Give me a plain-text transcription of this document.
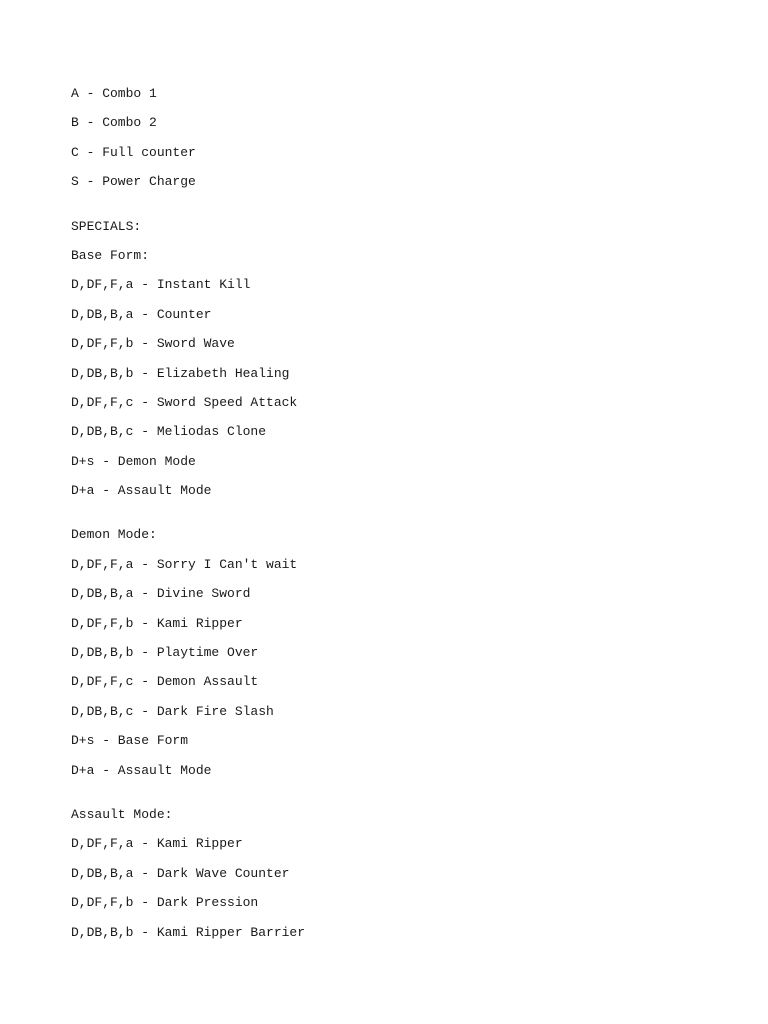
A - Combo 1
B - Combo 2
C - Full counter
S - Power Charge
SPECIALS:
Base Form:
D,DF,F,a - Instant Kill
D,DB,B,a - Counter
D,DF,F,b - Sword Wave
D,DB,B,b - Elizabeth Healing
D,DF,F,c - Sword Speed Attack
D,DB,B,c - Meliodas Clone
D+s - Demon Mode
D+a - Assault Mode
Demon Mode:
D,DF,F,a - Sorry I Can't wait
D,DB,B,a - Divine Sword
D,DF,F,b - Kami Ripper
D,DB,B,b - Playtime Over
D,DF,F,c - Demon Assault
D,DB,B,c - Dark Fire Slash
D+s - Base Form
D+a - Assault Mode
Assault Mode:
D,DF,F,a - Kami Ripper
D,DB,B,a - Dark Wave Counter
D,DF,F,b - Dark Pression
D,DB,B,b - Kami Ripper Barrier
